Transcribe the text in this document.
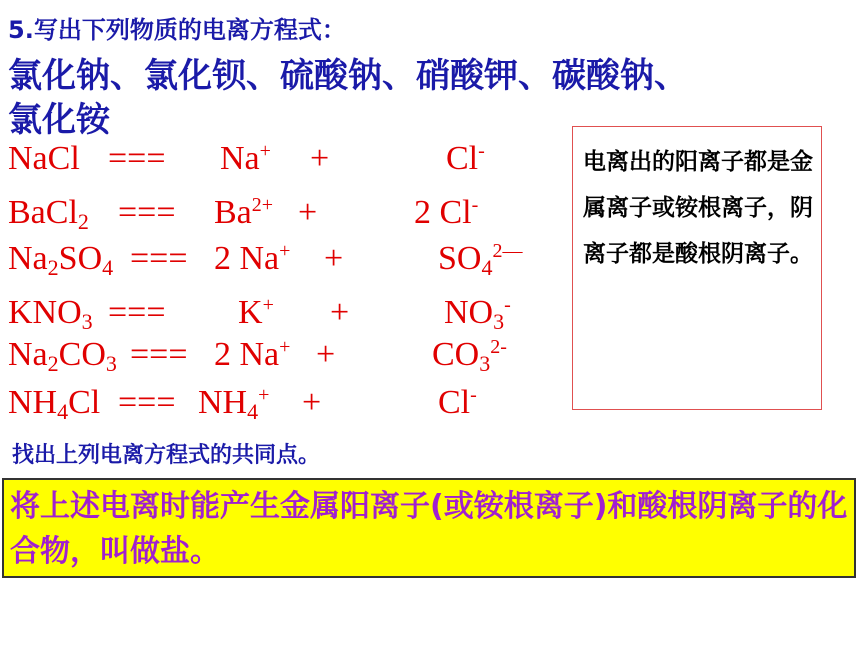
5.写出下列物质的电离方程式：
氯化钠、氯化钡、硫酸钠、硝酸钾、碳酸钠、氯化铵
NaCl === Na+ +	Cl-
BaCl$_2$ === $Ba^{2+}$ +	2 Cl-
$Na_2SO_4$ === 2 Na+ +	$SO_4^{2—}$
$KNO_3$ === K+ +	$NO_3^-$
$Na_2CO_3$ === 2 Na+ +	$CO_3^{2-}$
$NH_4Cl$ === $NH_4^+$ +	Cl-
电离出的阳离子都是金属离子或铵根离子，阴离子都是酸根阴离子。
找出上列电离方程式的共同点。
将上述电离时能产生金属阳离子(或铵根离子)和酸根阴离子的化合物，叫做盐。
